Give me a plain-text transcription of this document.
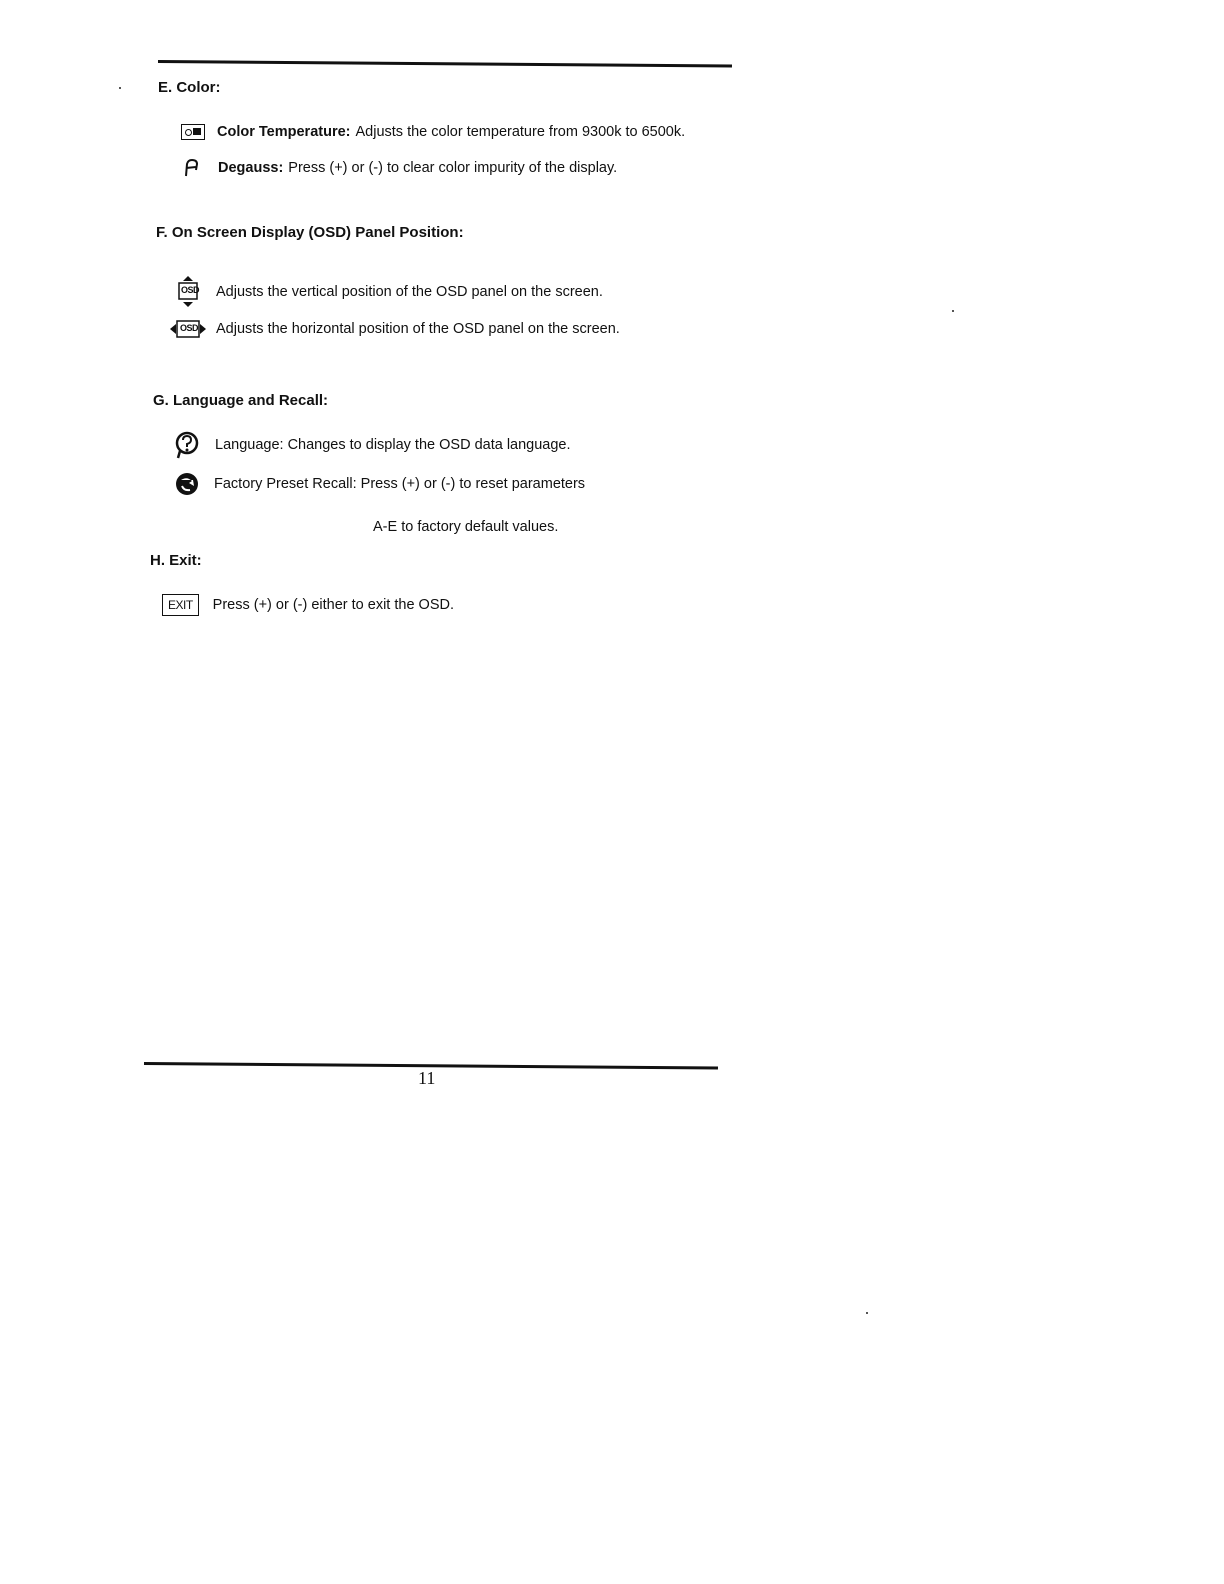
E. Color:
Color Temperature: Adjusts the color temperature from 9300k to 6500k.
Degauss: Press (+) or (-) to clear color impurity of the display.
F. On Screen Display (OSD) Panel Position:
OSD Adjusts the vertical position of the OSD panel on the screen.
OSD Adjusts the horizontal position of the OSD panel on the screen.
G. Language and Recall:
Language: Changes to display the OSD data language.
Factory Preset Recall: Press (+) or (-) to reset parameters
A-E to factory default values.
H. Exit:
EXIT	Press (+) or (-) either to exit the OSD.
11
